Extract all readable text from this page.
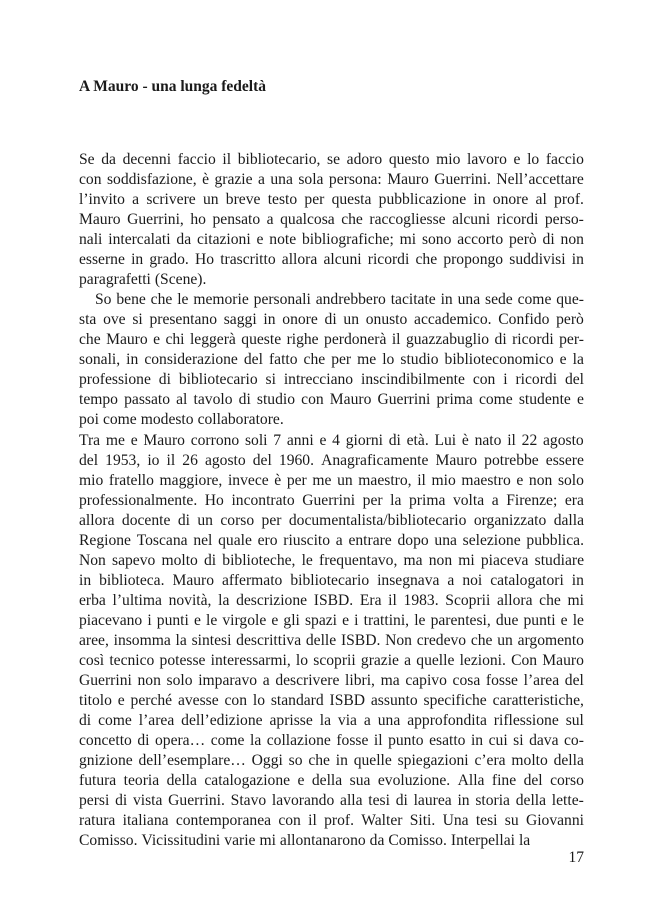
A Mauro - una lunga fedeltà
Se da decenni faccio il bibliotecario, se adoro questo mio lavoro e lo faccio
con soddisfazione, è grazie a una sola persona: Mauro Guerrini. Nell’accettare
l’invito a scrivere un breve testo per questa pubblicazione in onore al prof.
Mauro Guerrini, ho pensato a qualcosa che raccogliesse alcuni ricordi perso-
nali intercalati da citazioni e note bibliografiche; mi sono accorto però di non
esserne in grado. Ho trascritto allora alcuni ricordi che propongo suddivisi in
paragrafetti (Scene).
So bene che le memorie personali andrebbero tacitate in una sede come que-
sta ove si presentano saggi in onore di un onusto accademico. Confido però
che Mauro e chi leggerà queste righe perdonerà il guazzabuglio di ricordi per-
sonali, in considerazione del fatto che per me lo studio biblioteconomico e la
professione di bibliotecario si intrecciano inscindibilmente con i ricordi del
tempo passato al tavolo di studio con Mauro Guerrini prima come studente e
poi come modesto collaboratore.
Tra me e Mauro corrono soli 7 anni e 4 giorni di età. Lui è nato il 22 agosto
del 1953, io il 26 agosto del 1960. Anagraficamente Mauro potrebbe essere
mio fratello maggiore, invece è per me un maestro, il mio maestro e non solo
professionalmente. Ho incontrato Guerrini per la prima volta a Firenze; era
allora docente di un corso per documentalista/bibliotecario organizzato dalla
Regione Toscana nel quale ero riuscito a entrare dopo una selezione pubblica.
Non sapevo molto di biblioteche, le frequentavo, ma non mi piaceva studiare
in biblioteca. Mauro affermato bibliotecario insegnava a noi catalogatori in
erba l’ultima novità, la descrizione ISBD. Era il 1983. Scoprii allora che mi
piacevano i punti e le virgole e gli spazi e i trattini, le parentesi, due punti e le
aree, insomma la sintesi descrittiva delle ISBD. Non credevo che un argomento
così tecnico potesse interessarmi, lo scoprii grazie a quelle lezioni. Con Mauro
Guerrini non solo imparavo a descrivere libri, ma capivo cosa fosse l’area del
titolo e perché avesse con lo standard ISBD assunto specifiche caratteristiche,
di come l’area dell’edizione aprisse la via a una approfondita riflessione sul
concetto di opera… come la collazione fosse il punto esatto in cui si dava co-
gnizione dell’esemplare… Oggi so che in quelle spiegazioni c’era molto della
futura teoria della catalogazione e della sua evoluzione. Alla fine del corso
persi di vista Guerrini. Stavo lavorando alla tesi di laurea in storia della lette-
ratura italiana contemporanea con il prof. Walter Siti. Una tesi su Giovanni
Comisso. Vicissitudini varie mi allontanarono da Comisso. Interpellai la
17
